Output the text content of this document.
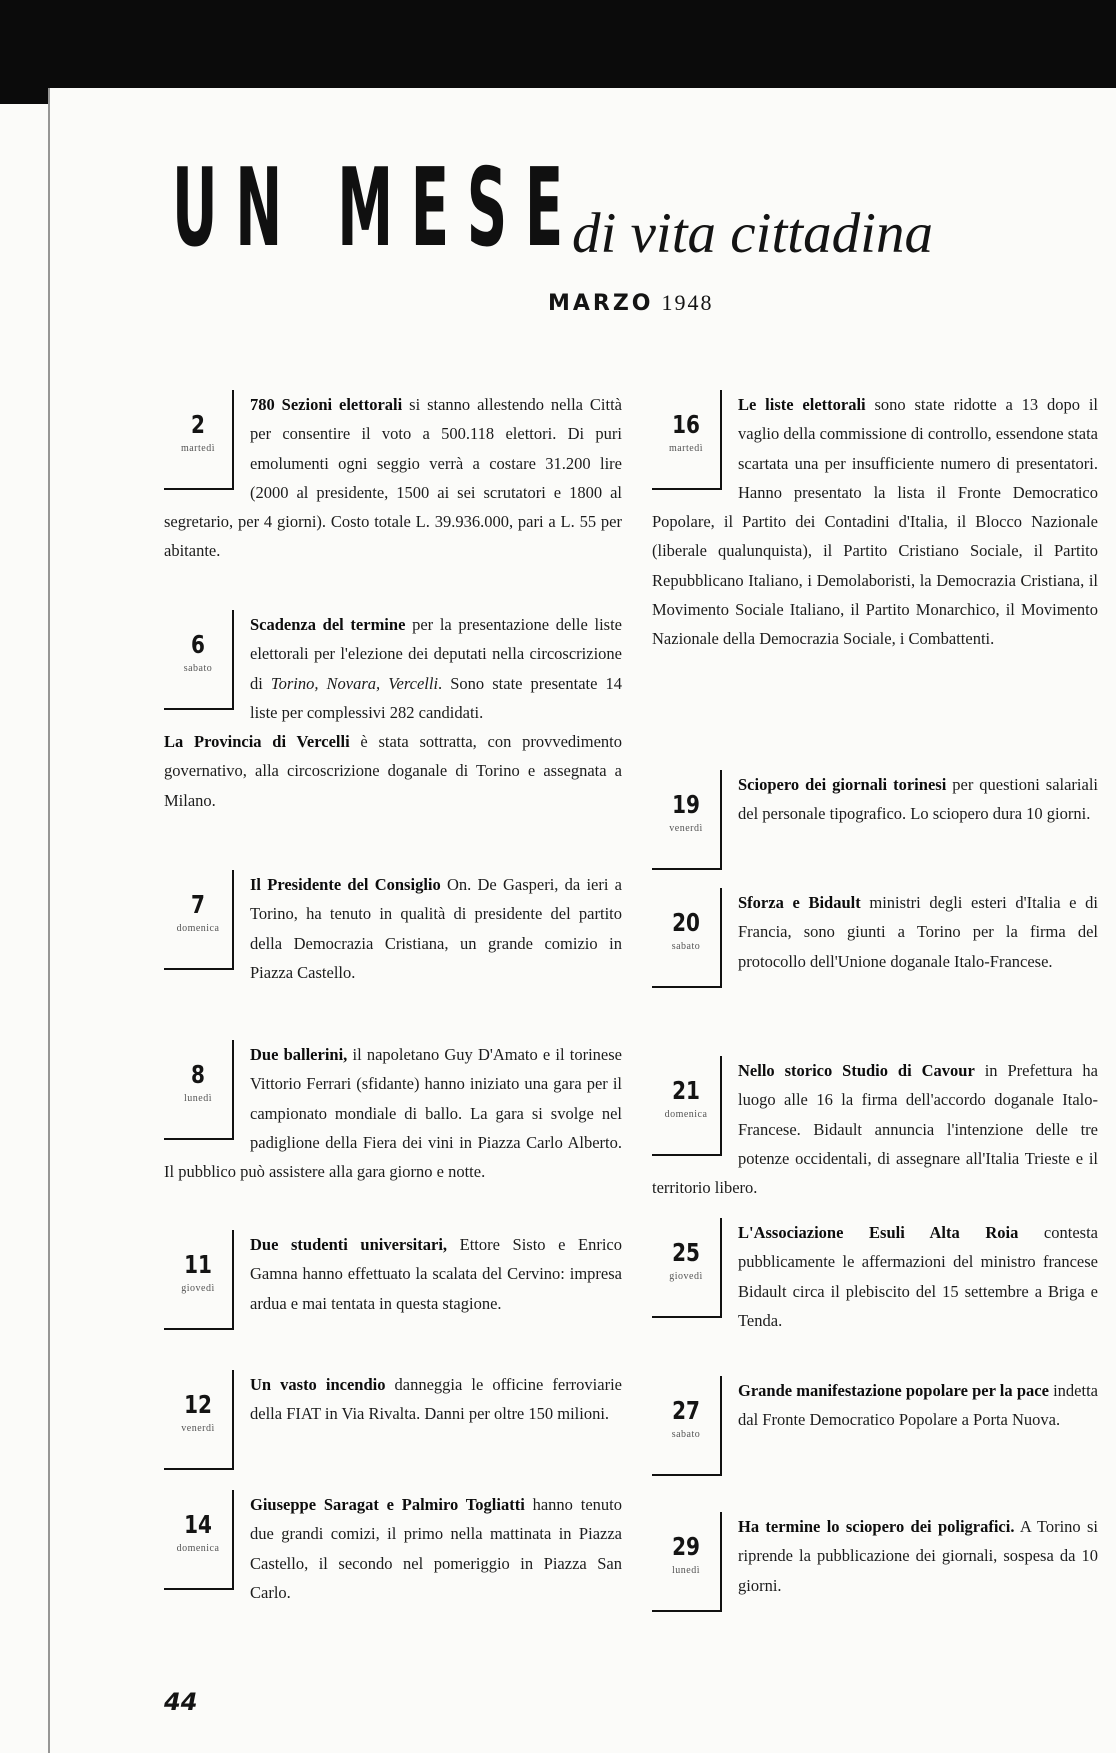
UN MESE
di vita cittadina
MARZO 1948
2
martedì
780 Sezioni elettorali si stanno allestendo nella Città per consentire il voto a 500.118 elettori. Di puri emolumenti ogni seggio verrà a costare 31.200 lire (2000 al presidente, 1500 ai sei scrutatori e 1800 al segretario, per 4 giorni). Costo totale L. 39.936.000, pari a L. 55 per abitante.
6
sabato
Scadenza del termine per la presentazione delle liste elettorali per l'elezione dei deputati nella circoscrizione di Torino, Novara, Vercelli. Sono state presentate 14 liste per complessivi 282 candidati.
La Provincia di Vercelli è stata sottratta, con provvedimento governativo, alla circoscrizione doganale di Torino e assegnata a Milano.
7
domenica
Il Presidente del Consiglio On. De Gasperi, da ieri a Torino, ha tenuto in qualità di presidente del partito della Democrazia Cristiana, un grande comizio in Piazza Castello.
8
lunedì
Due ballerini, il napoletano Guy D'Amato e il torinese Vittorio Ferrari (sfidante) hanno iniziato una gara per il campionato mondiale di ballo. La gara si svolge nel padiglione della Fiera dei vini in Piazza Carlo Alberto. Il pubblico può assistere alla gara giorno e notte.
11
giovedì
Due studenti universitari, Ettore Sisto e Enrico Gamna hanno effettuato la scalata del Cervino: impresa ardua e mai tentata in questa stagione.
12
venerdì
Un vasto incendio danneggia le officine ferroviarie della FIAT in Via Rivalta. Danni per oltre 150 milioni.
14
domenica
Giuseppe Saragat e Palmiro Togliatti hanno tenuto due grandi comizi, il primo nella mattinata in Piazza Castello, il secondo nel pomeriggio in Piazza San Carlo.
16
martedì
Le liste elettorali sono state ridotte a 13 dopo il vaglio della commissione di controllo, essendone stata scartata una per insufficiente numero di presentatori. Hanno presentato la lista il Fronte Democratico Popolare, il Partito dei Contadini d'Italia, il Blocco Nazionale (liberale qualunquista), il Partito Cristiano Sociale, il Partito Repubblicano Italiano, i Demolaboristi, la Democrazia Cristiana, il Movimento Sociale Italiano, il Partito Monarchico, il Movimento Nazionale della Democrazia Sociale, i Combattenti.
19
venerdì
Sciopero dei giornali torinesi per questioni salariali del personale tipografico. Lo sciopero dura 10 giorni.
20
sabato
Sforza e Bidault ministri degli esteri d'Italia e di Francia, sono giunti a Torino per la firma del protocollo dell'Unione doganale Italo-Francese.
21
domenica
Nello storico Studio di Cavour in Prefettura ha luogo alle 16 la firma dell'accordo doganale Italo-Francese. Bidault annuncia l'intenzione delle tre potenze occidentali, di assegnare all'Italia Trieste e il territorio libero.
25
giovedì
L'Associazione Esuli Alta Roia contesta pubblicamente le affermazioni del ministro francese Bidault circa il plebiscito del 15 settembre a Briga e Tenda.
27
sabato
Grande manifestazione popolare per la pace indetta dal Fronte Democratico Popolare a Porta Nuova.
29
lunedì
Ha termine lo sciopero dei poligrafici. A Torino si riprende la pubblicazione dei giornali, sospesa da 10 giorni.
44
